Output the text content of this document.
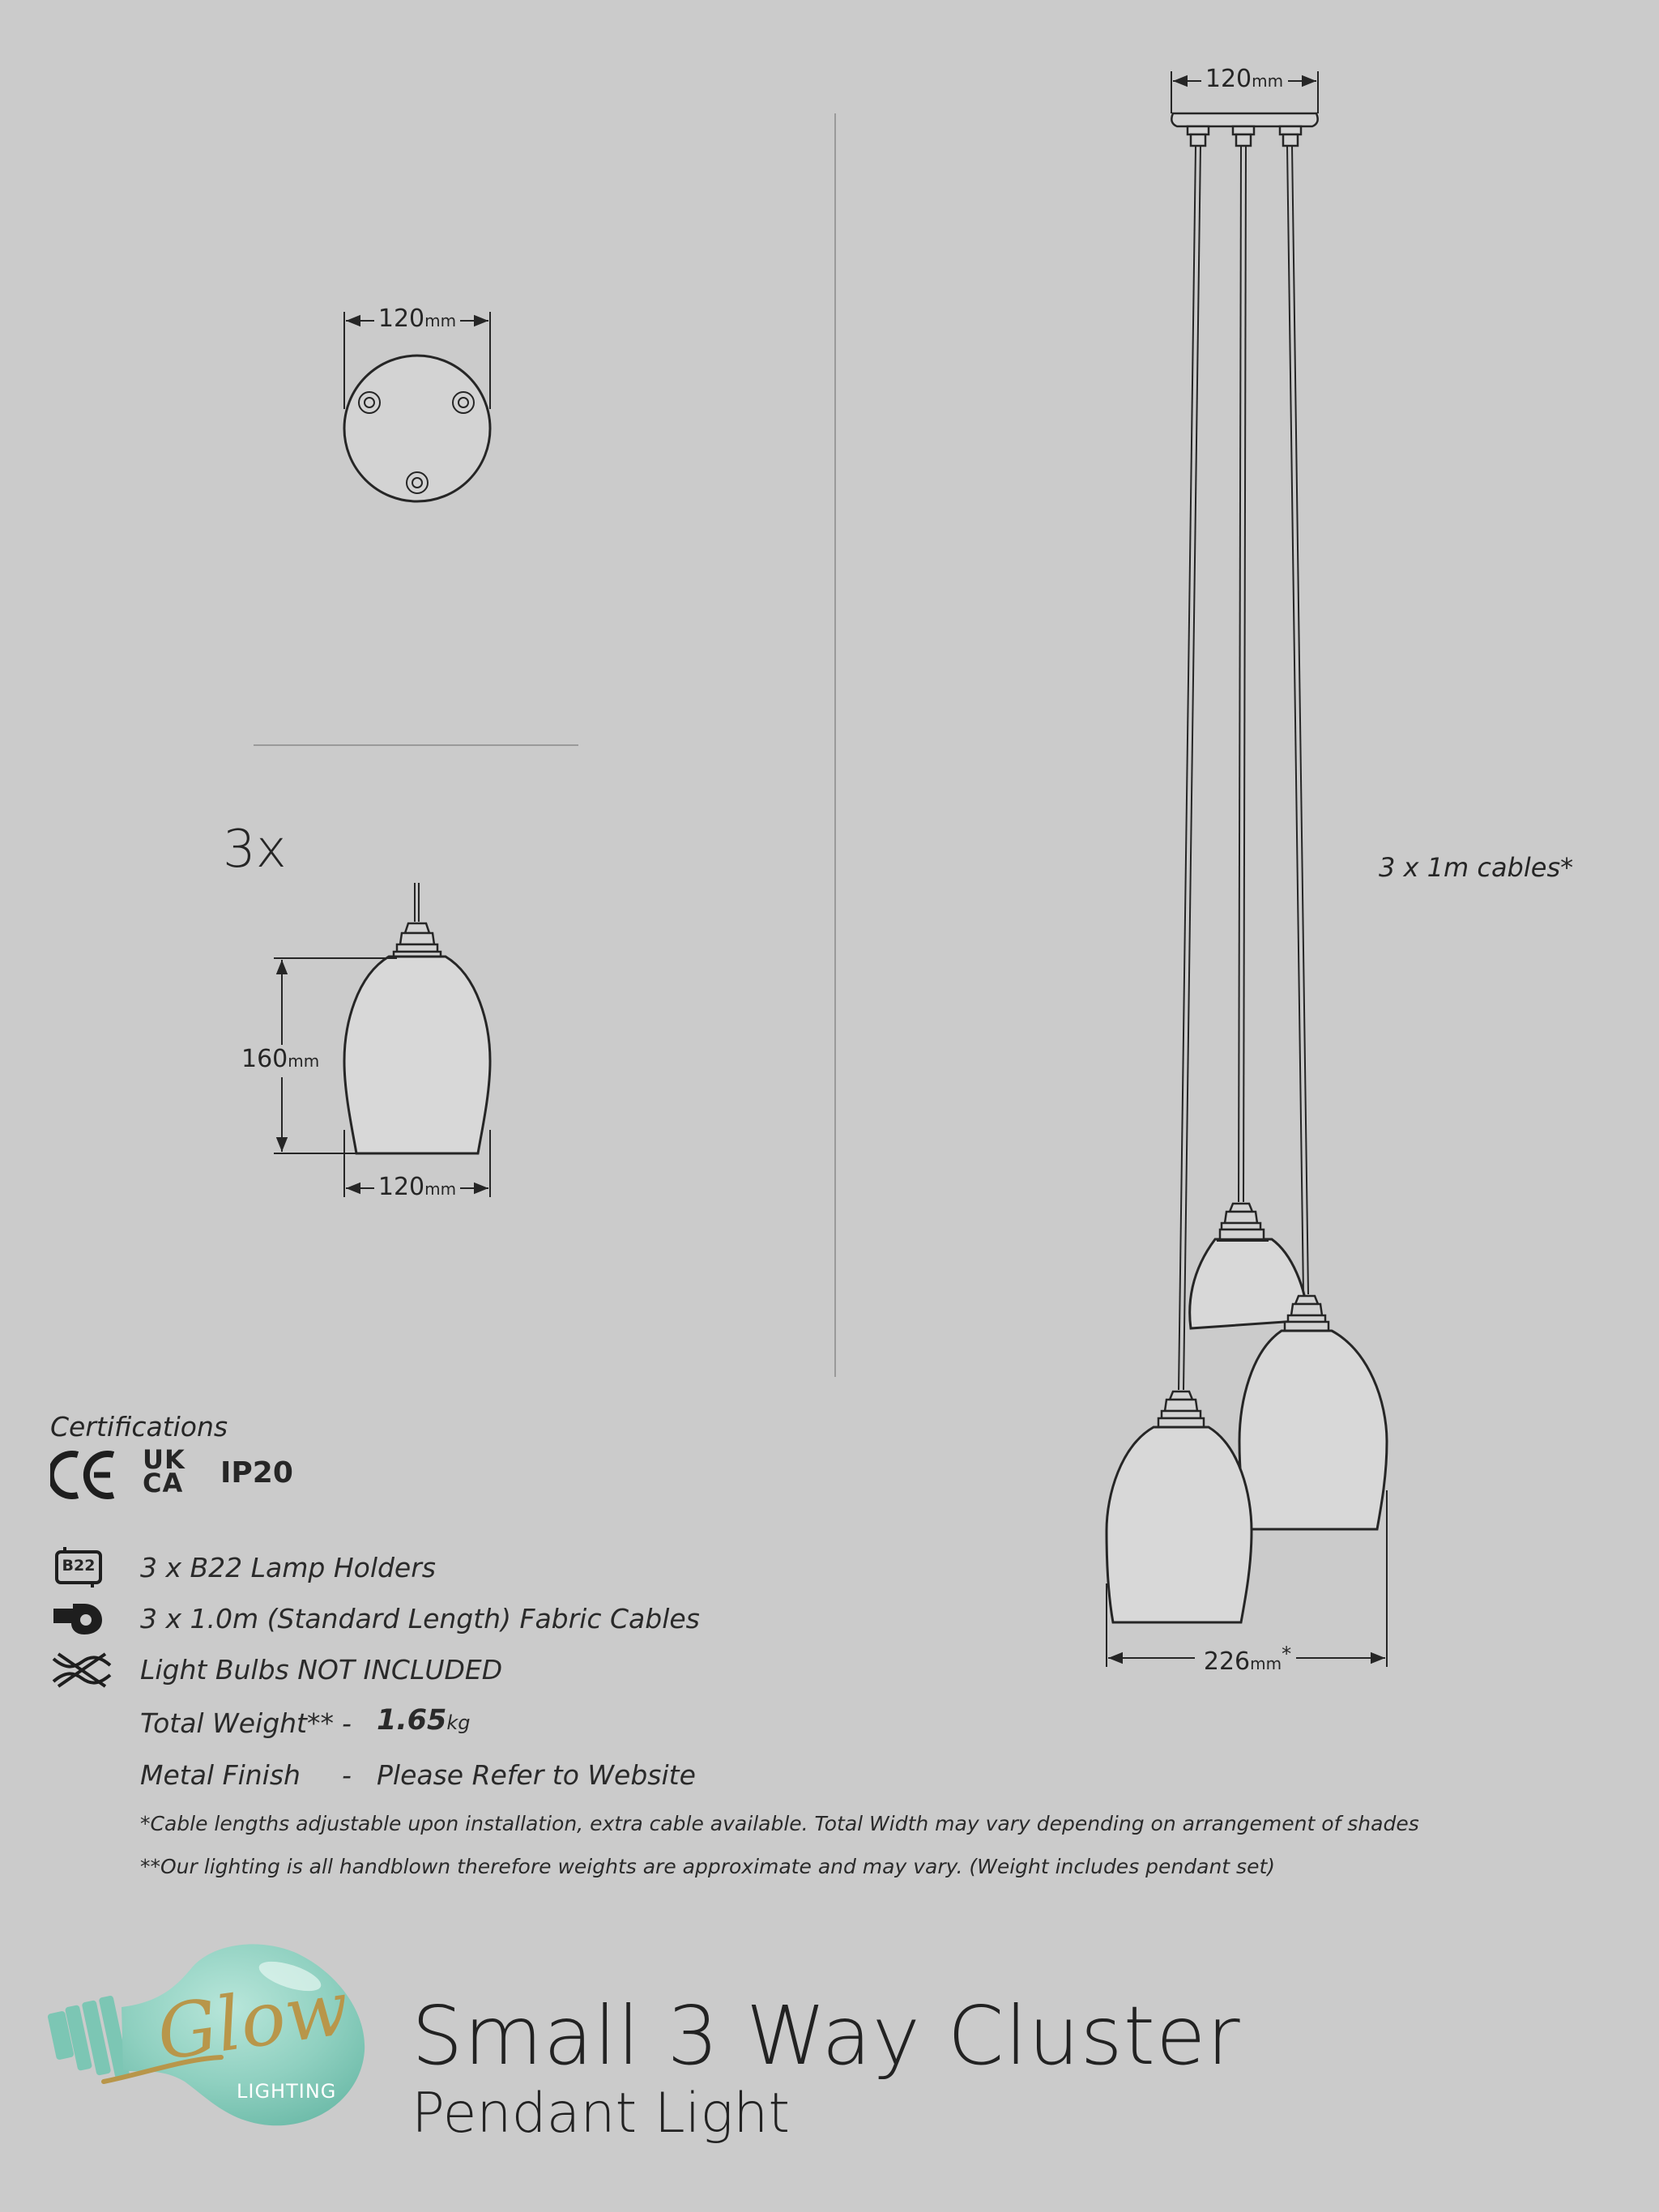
120mm
3x
160mm
120mm
120mm
3 x 1m cables*
226mm*
Certifications
UK
CA IP20
B22	3 x B22 Lamp Holders
3 x 1.0m (Standard Length) Fabric Cables
Light Bulbs NOT INCLUDED
Total Weight** - 1.65kg
Metal Finish - Please Refer to Website
*Cable lengths adjustable upon installation, extra cable available. Total Width may vary depending on arrangement of shades
**Our lighting is all handblown therefore weights are approximate and may vary. (Weight includes pendant set)
Glow
LIGHTING
Small 3 Way Cluster
Pendant Light
